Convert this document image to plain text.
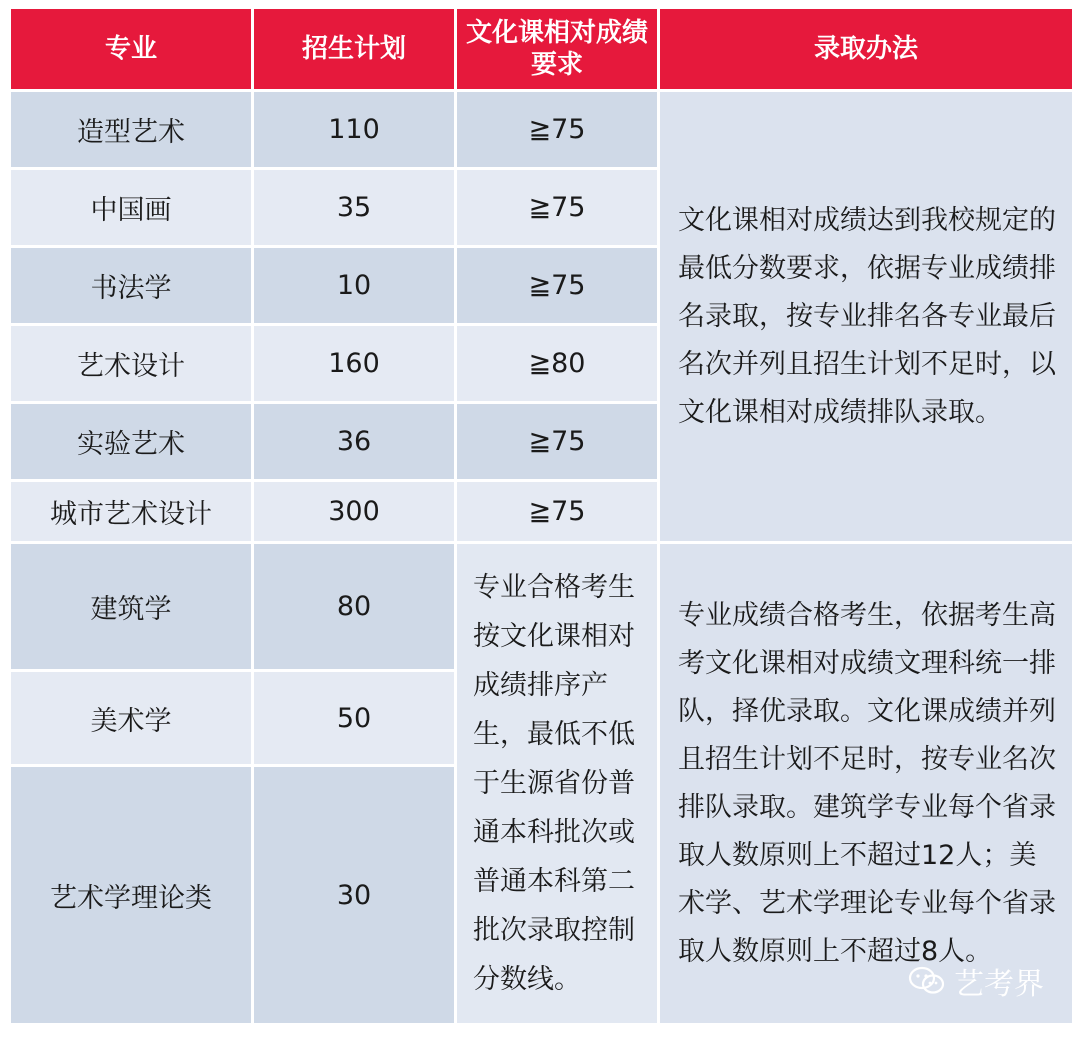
专业	招生计划	文化课相对成绩要求	录取办法
造型艺术	110	≧75	文化课相对成绩达到我校规定的最低分数要求，依据专业成绩排名录取，按专业排名各专业最后名次并列且招生计划不足时，以文化课相对成绩排队录取。
中国画	35	≧75	
书法学	10	≧75	
艺术设计	160	≧80	
实验艺术	36	≧75	
城市艺术设计	300	≧75	
建筑学	80	专业合格考生按文化课相对成绩排序产生，最低不低于生源省份普通本科批次或普通本科第二批次录取控制分数线。	专业成绩合格考生，依据考生高考文化课相对成绩文理科统一排队，择优录取。文化课成绩并列且招生计划不足时，按专业名次排队录取。建筑学专业每个省录取人数原则上不超过12人；美术学、艺术学理论专业每个省录取人数原则上不超过8人。
美术学	50		
艺术学理论类	30		
艺考界
